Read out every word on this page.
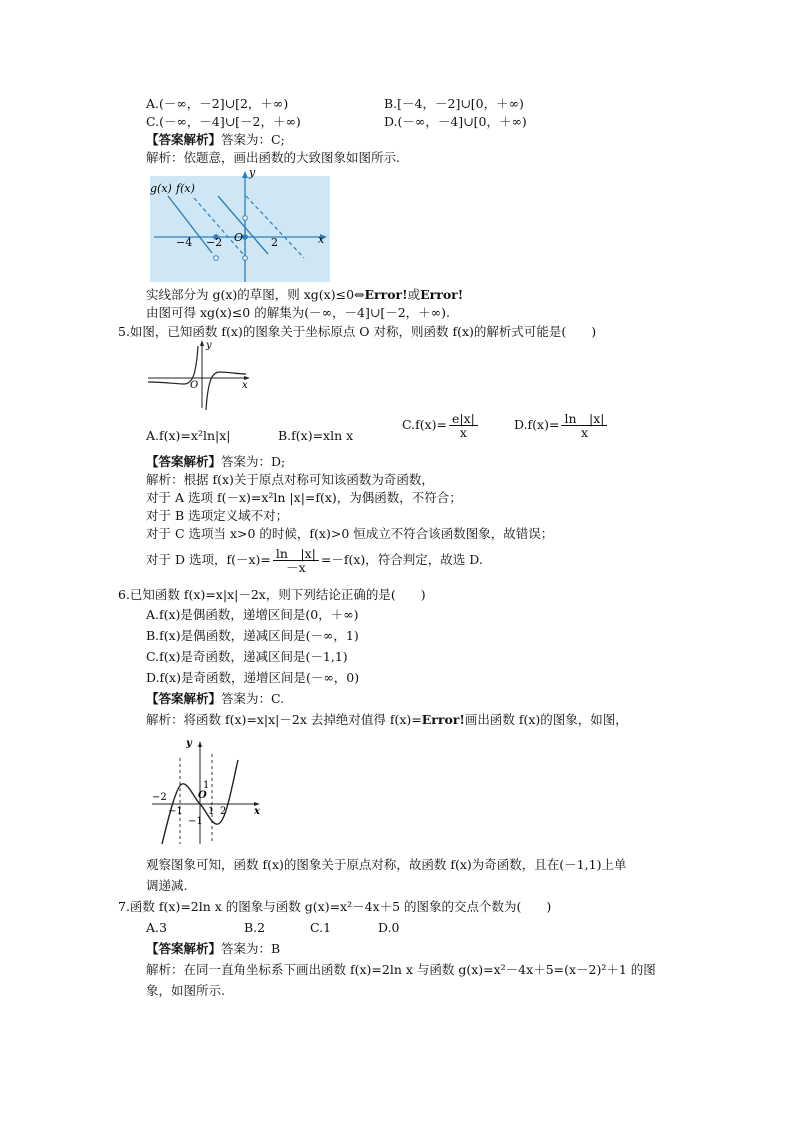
A.(－∞，－2]∪[2，＋∞)	B.[－4，－2]∪[0，＋∞)
C.(－∞，－4]∪[－2，＋∞)	D.(－∞，－4]∪[0，＋∞)
【答案解析】答案为：C;
解析：依题意，画出函数的大致图象如图所示.
g(x) f(x)
y
x
O
−4 −2	2
实线部分为 g(x)的草图，则 xg(x)≤0⇔Error!或Error!
由图可得 xg(x)≤0 的解集为(－∞，－4]∪[－2，＋∞).
5.如图，已知函数 f(x)的图象关于坐标原点 O 对称，则函数 f(x)的解析式可能是(　　)
y
x
O
A.f(x)=x²ln|x|	B.f(x)=xln x
$C.f(x)= \frac{e|x|}{x}$	$D.f(x)= \frac{\ln |x|}{x}$
【答案解析】答案为：D;
解析：根据 f(x)关于原点对称可知该函数为奇函数，
对于 A 选项 f(－x)=x²ln |x|=f(x)，为偶函数，不符合；
对于 B 选项定义域不对；
对于 C 选项当 x>0 的时候，f(x)>0 恒成立不符合该函数图象，故错误；
对于 D 选项，$f(-x)= \frac{\ln |x|}{-x} =-f(x)$，符合判定，故选 D.
6.已知函数 f(x)=x|x|－2x，则下列结论正确的是(　　)
A.f(x)是偶函数，递增区间是(0，＋∞)
B.f(x)是偶函数，递减区间是(－∞，1)
C.f(x)是奇函数，递减区间是(－1,1)
D.f(x)是奇函数，递增区间是(－∞，0)
【答案解析】答案为：C.
解析：将函数 f(x)=x|x|－2x 去掉绝对值得 f(x)=Error!画出函数 f(x)的图象，如图，
y
x
O
−2
−1	1 2
1
−1
观察图象可知，函数 f(x)的图象关于原点对称，故函数 f(x)为奇函数，且在(－1,1)上单
调递减.
7.函数 f(x)=2ln x 的图象与函数 g(x)=x²－4x＋5 的图象的交点个数为(　　)
A.3	B.2	C.1	D.0
【答案解析】答案为：B
解析：在同一直角坐标系下画出函数 f(x)=2ln x 与函数 g(x)=x²－4x＋5=(x－2)²＋1 的图
象，如图所示.
